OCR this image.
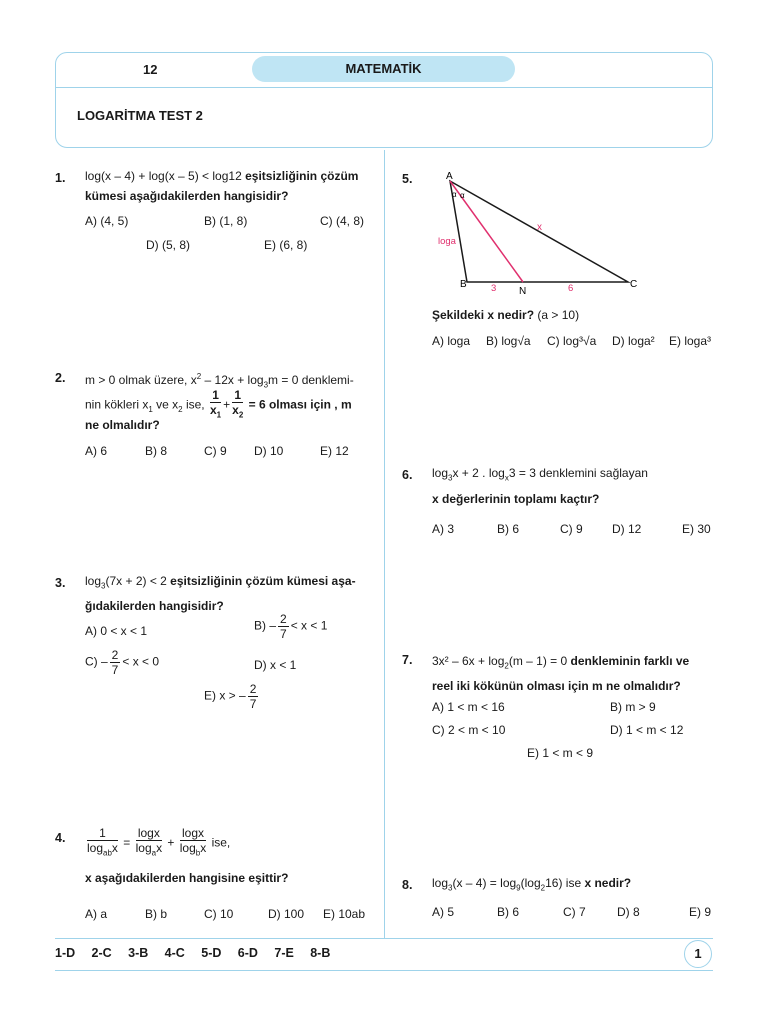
12	MATEMATİK
LOGARİTMA TEST 2
1. log(x – 4) + log(x – 5) < log12 eşitsizliğinin çözüm
kümesi aşağıdakilerden hangisidir?
A) (4, 5)	B) (1, 8)	C) (4, 8)
D) (5, 8)	E) (6, 8)
2. m > 0 olmak üzere, $x^2 - 12x + \log_3m = 0$ denklemi-
nin kökleri $x_1$ ve $x_2$ ise, $\frac{1}{x_1} + \frac{1}{x_2} = 6$ olması için , m
ne olmalıdır?
A) 6	B) 8	C) 9 D) 10	E) 12
3. $\log_3(7x + 2) < 2$ eşitsizliğinin çözüm kümesi aşa-
ğıdakilerden hangisidir?
A) 0 < x < 1	$B) - \frac{2}{7} < x < 1$
$C) - \frac{2}{7} < x < 0$	D) x < 1
E) x > – $\frac{2}{7}$
4. $\frac{1}{\log_{ab}x} = \frac{\log x}{\log_ax} + \frac{\log x}{\log_bx}$ ise,
x aşağıdakilerden hangisine eşittir?
A) a	B) b	C) 10	D) 100 E) 10ab
5.	A
B
N
C
x
loga
3	6
α α
Şekildeki x nedir? (a > 10)
A) loga B) log√a C) log³√a D) loga² E) loga³
6. $\log_3x + 2$ . $\log_x3 = 3$ denklemini sağlayan
x değerlerinin toplamı kaçtır?
A) 3	B) 6	C) 9 D) 12	E) 30
7. $3x^2 - 6x + \log_2(m - 1) = 0$ denkleminin farklı ve
reel iki kökünün olması için m ne olmalıdır?
A) 1 < m < 16	B) m > 9
C) 2 < m < 10	D) 1 < m < 12
E) 1 < m < 9
8. $\log_3(x - 4) = \log_9(\log_216)$ ise x nedir?
A) 5	B) 6	C) 7	D) 8	E) 9
1-D   2-C   3-B   4-C   5-D   6-D   7-E   8-B	1
